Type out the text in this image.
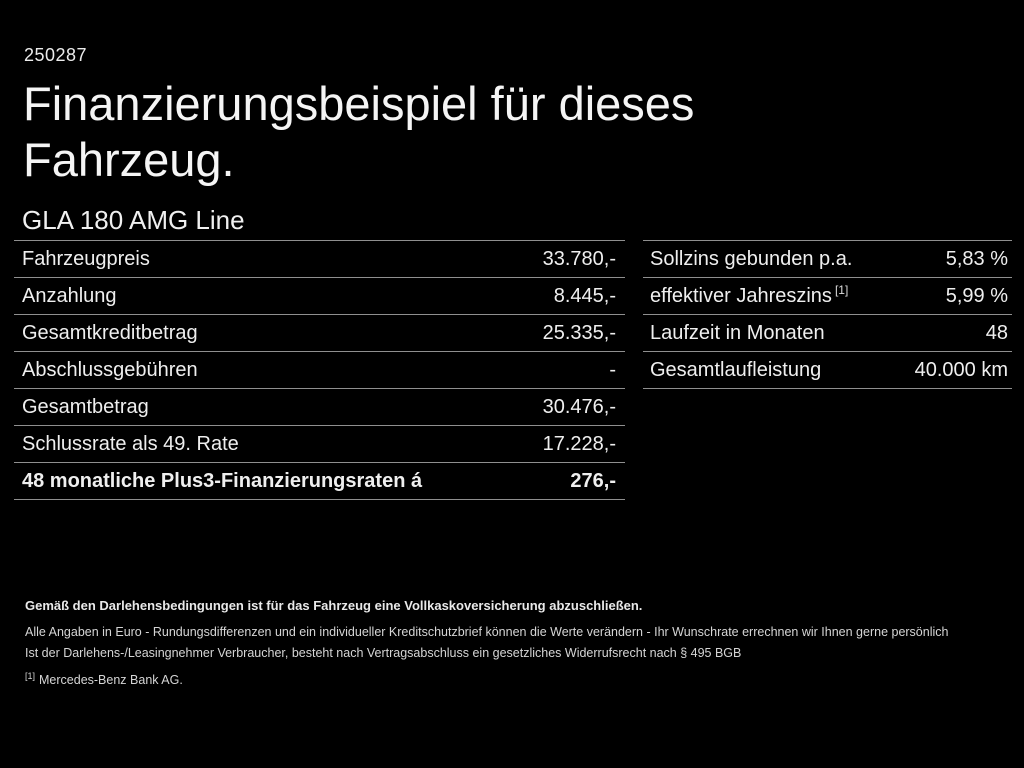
250287
Finanzierungsbeispiel für dieses
Fahrzeug.
GLA 180 AMG Line
Fahrzeugpreis	33.780,-
Anzahlung	8.445,-
Gesamtkreditbetrag	25.335,-
Abschlussgebühren	-
Gesamtbetrag	30.476,-
Schlussrate als 49. Rate	17.228,-
48 monatliche Plus3-Finanzierungsraten á	276,-
Sollzins gebunden p.a.	5,83 %
effektiver Jahreszins [1]	5,99 %
Laufzeit in Monaten	48
Gesamtlaufleistung	40.000 km

Gemäß den Darlehensbedingungen ist für das Fahrzeug eine Vollkaskoversicherung abzuschließen.

Alle Angaben in Euro - Rundungsdifferenzen und ein individueller Kreditschutzbrief können die Werte verändern - Ihr Wunschrate errechnen wir Ihnen gerne persönlich

Ist der Darlehens-/Leasingnehmer Verbraucher, besteht nach Vertragsabschluss ein gesetzliches Widerrufsrecht nach § 495 BGB

[1] Mercedes-Benz Bank AG.
